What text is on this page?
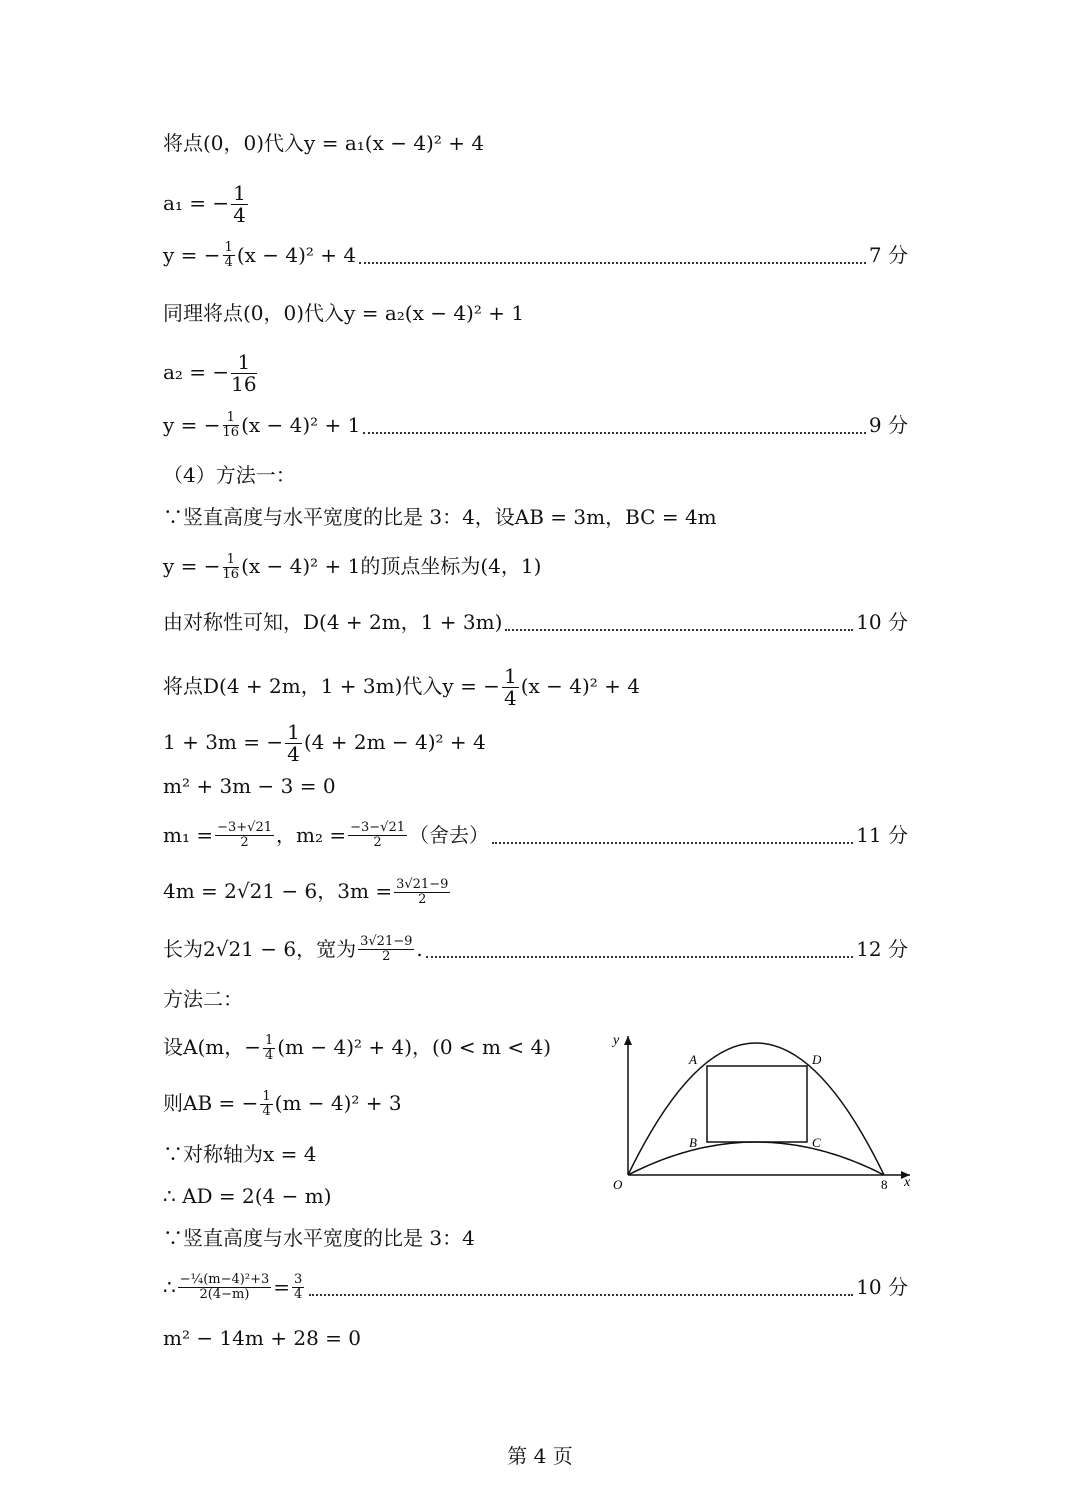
将点(0，0)代入y = a₁(x − 4)² + 4
a₁ = − $\frac{1}{4}$
y = − $\frac{1}{4} (x - 4)^2 + 4$	7 分
同理将点(0，0)代入y = a₂(x − 4)² + 1
a₂ = − $\frac{1}{16}$
y = − $\frac{1}{16} (x - 4)^2 + 1$	9 分
（4）方法一：
∵竖直高度与水平宽度的比是 3：4，设AB = 3m，BC = 4m
y = − $\frac{1}{16} (x - 4)^2 + 1$的顶点坐标为(4，1)
由对称性可知，D(4 + 2m，1 + 3m)	10 分
将点D(4 + 2m，1 + 3m)代入y = − $\frac{1}{4} (x - 4)^2 + 4$
1 + 3m = − $\frac{1}{4} (4 + 2m - 4)^2 + 4$
m² + 3m − 3 = 0
$m_1 = \frac{-3+√21}{2}$ ，$m_2 = \frac{-3-√21}{2}$ （舍去）	11 分
4m = 2√21 − 6，$3m = \frac{3√21-9}{2}$
长为2√21 − 6，宽为 $\frac{3√21-9}{2}$ .	12 分
方法二：
设A(m，− $\frac{1}{4} (m - 4)^2 + 4$)，(0 < m < 4)
则AB = − $\frac{1}{4} (m - 4)^2 + 3$
∵对称轴为x = 4
∴ AD = 2(4 − m)
∵竖直高度与水平宽度的比是 3：4
∴ $\frac{\text{−¼(m−4)²+3}}{2(4-m)} = \frac{3}{4}$	10 分
m² − 14m + 28 = 0
y
x
O	8
A
B	C
D
第 4 页
